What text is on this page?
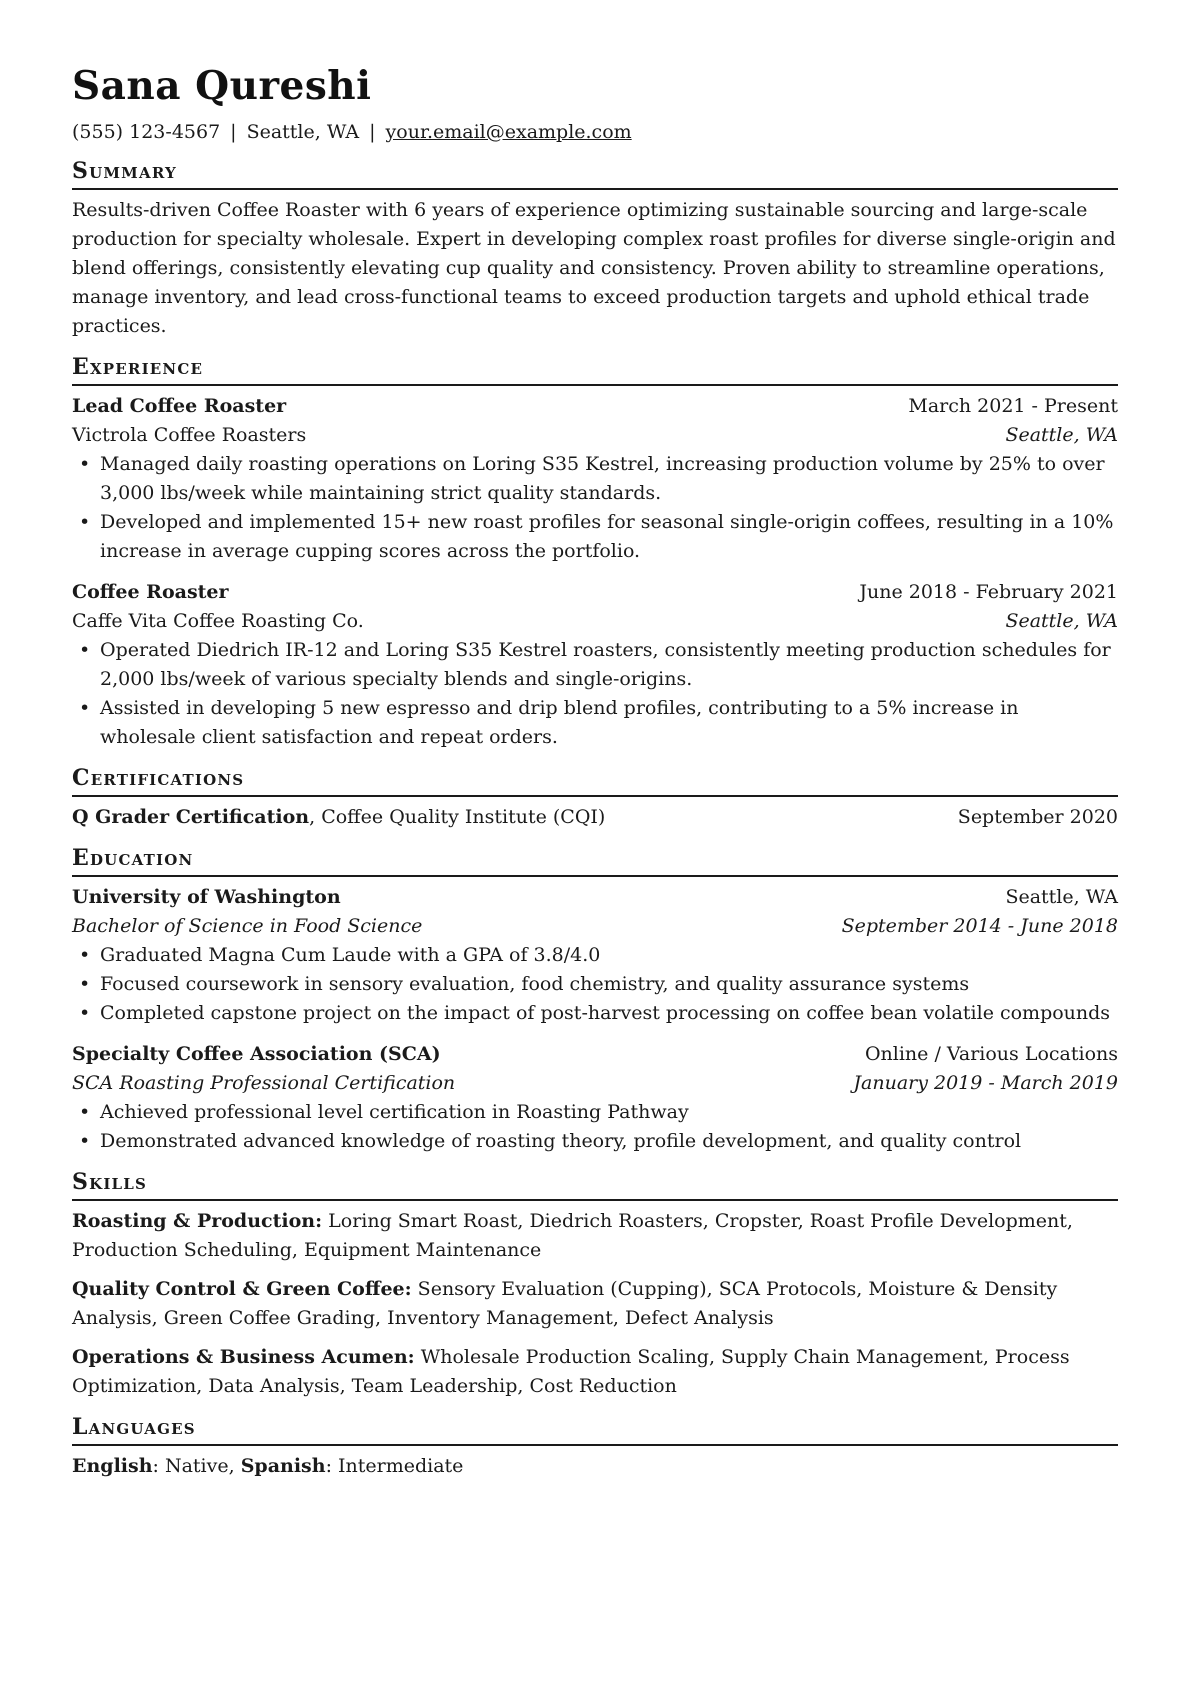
Sana Qureshi
(555) 123-4567 | Seattle, WA | your.email@example.com
Summary
Results-driven Coffee Roaster with 6 years of experience optimizing sustainable sourcing and large-scale production for specialty wholesale. Expert in developing complex roast profiles for diverse single-origin and blend offerings, consistently elevating cup quality and consistency. Proven ability to streamline operations, manage inventory, and lead cross-functional teams to exceed production targets and uphold ethical trade practices.
Experience
Lead Coffee Roaster	March 2021 - Present
Victrola Coffee Roasters	Seattle, WA
• Managed daily roasting operations on Loring S35 Kestrel, increasing production volume by 25% to over 3,000 lbs/week while maintaining strict quality standards.
• Developed and implemented 15+ new roast profiles for seasonal single-origin coffees, resulting in a 10% increase in average cupping scores across the portfolio.
Coffee Roaster	June 2018 - February 2021
Caffe Vita Coffee Roasting Co.	Seattle, WA
• Operated Diedrich IR-12 and Loring S35 Kestrel roasters, consistently meeting production schedules for 2,000 lbs/week of various specialty blends and single-origins.
• Assisted in developing 5 new espresso and drip blend profiles, contributing to a 5% increase in wholesale client satisfaction and repeat orders.
Certifications
Q Grader Certification, Coffee Quality Institute (CQI)	September 2020
Education
University of Washington	Seattle, WA
Bachelor of Science in Food Science	September 2014 - June 2018
• Graduated Magna Cum Laude with a GPA of 3.8/4.0
• Focused coursework in sensory evaluation, food chemistry, and quality assurance systems
• Completed capstone project on the impact of post-harvest processing on coffee bean volatile compounds
Specialty Coffee Association (SCA)	Online / Various Locations
SCA Roasting Professional Certification	January 2019 - March 2019
• Achieved professional level certification in Roasting Pathway
• Demonstrated advanced knowledge of roasting theory, profile development, and quality control
Skills
Roasting & Production: Loring Smart Roast, Diedrich Roasters, Cropster, Roast Profile Development, Production Scheduling, Equipment Maintenance
Quality Control & Green Coffee: Sensory Evaluation (Cupping), SCA Protocols, Moisture & Density Analysis, Green Coffee Grading, Inventory Management, Defect Analysis
Operations & Business Acumen: Wholesale Production Scaling, Supply Chain Management, Process Optimization, Data Analysis, Team Leadership, Cost Reduction
Languages
English: Native, Spanish: Intermediate
